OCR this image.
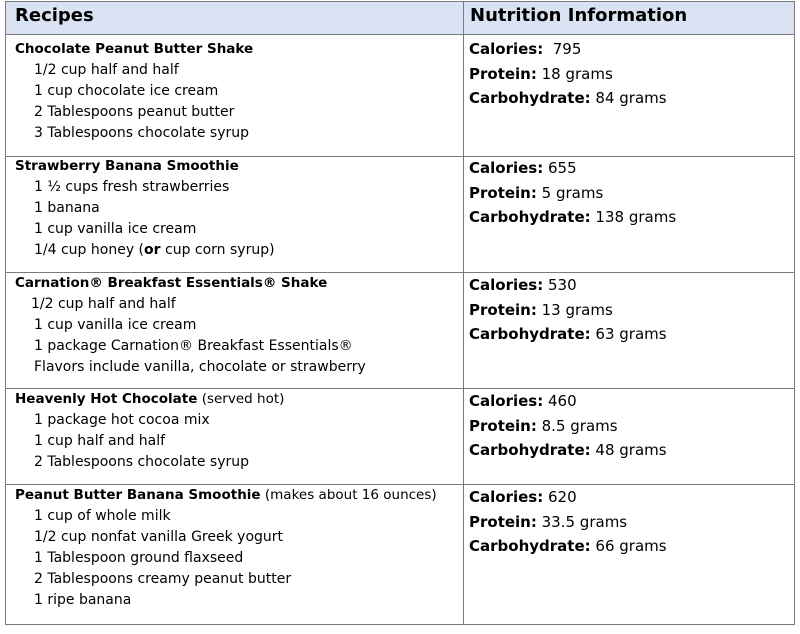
Recipes	Nutrition Information
Chocolate Peanut Butter Shake
1/2 cup half and half
1 cup chocolate ice cream
2 Tablespoons peanut butter
3 Tablespoons chocolate syrup
Calories: 795
Protein: 18 grams
Carbohydrate: 84 grams
Strawberry Banana Smoothie
1 ½ cups fresh strawberries
1 banana
1 cup vanilla ice cream
1/4 cup honey (or cup corn syrup)
Calories: 655
Protein: 5 grams
Carbohydrate: 138 grams
Carnation® Breakfast Essentials® Shake
1/2 cup half and half
1 cup vanilla ice cream
1 package Carnation® Breakfast Essentials®
Flavors include vanilla, chocolate or strawberry
Calories: 530
Protein: 13 grams
Carbohydrate: 63 grams
Heavenly Hot Chocolate (served hot)
1 package hot cocoa mix
1 cup half and half
2 Tablespoons chocolate syrup
Calories: 460
Protein: 8.5 grams
Carbohydrate: 48 grams
Peanut Butter Banana Smoothie (makes about 16 ounces)
1 cup of whole milk
1/2 cup nonfat vanilla Greek yogurt
1 Tablespoon ground flaxseed
2 Tablespoons creamy peanut butter
1 ripe banana
Calories: 620
Protein: 33.5 grams
Carbohydrate: 66 grams
